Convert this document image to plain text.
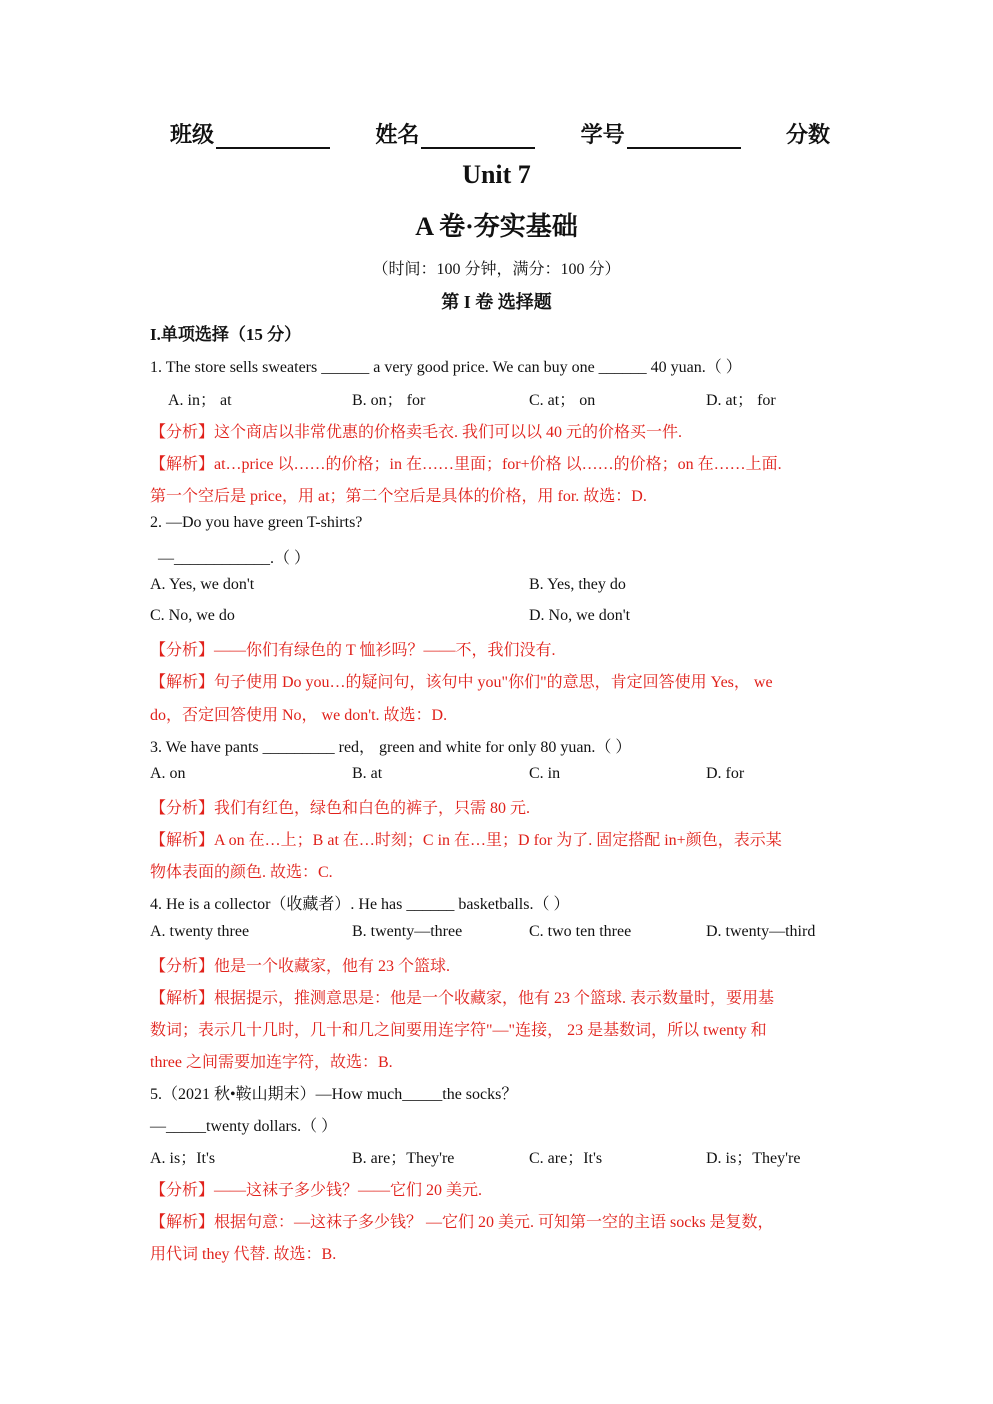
班级	姓名	学号	分数
Unit 7
A 卷·夯实基础
（时间：100 分钟，满分：100 分）
第 I 卷 选择题
I.单项选择（15 分）
1. The store sells sweaters ______ a very good price. We can buy one ______ 40 yuan.（ ）
A. in； at	B. on； for	C. at； on	D. at； for
【分析】这个商店以非常优惠的价格卖毛衣. 我们可以以 40 元的价格买一件.
【解析】at…price 以……的价格；in 在……里面；for+价格 以……的价格；on 在……上面.
第一个空后是 price，用 at；第二个空后是具体的价格，用 for. 故选：D.
2. —Do you have green T-shirts?
—____________.（ ）
A. Yes, we don't	B. Yes, they do
C. No, we do	D. No, we don't
【分析】——你们有绿色的 T 恤衫吗？——不，我们没有.
【解析】句子使用 Do you…的疑问句，该句中 you"你们"的意思，肯定回答使用 Yes， we
do，否定回答使用 No， we don't. 故选：D.
3. We have pants _________ red， green and white for only 80 yuan.（ ）
A. on	B. at	C. in	D. for
【分析】我们有红色，绿色和白色的裤子，只需 80 元.
【解析】A on 在…上；B at 在…时刻；C in 在…里；D for 为了. 固定搭配 in+颜色，表示某
物体表面的颜色. 故选：C.
4. He is a collector（收藏者）. He has ______ basketballs.（ ）
A. twenty three	B. twenty—three	C. two ten three	D. twenty—third
【分析】他是一个收藏家，他有 23 个篮球.
【解析】根据提示，推测意思是：他是一个收藏家，他有 23 个篮球. 表示数量时，要用基
数词；表示几十几时，几十和几之间要用连字符"—"连接， 23 是基数词，所以 twenty 和
three 之间需要加连字符，故选：B.
5.（2021 秋•鞍山期末）—How much_____the socks？
—_____twenty dollars.（ ）
A. is；It's	B. are；They're	C. are；It's	D. is；They're
【分析】——这袜子多少钱？——它们 20 美元.
【解析】根据句意：—这袜子多少钱？ —它们 20 美元. 可知第一空的主语 socks 是复数，
用代词 they 代替. 故选：B.
